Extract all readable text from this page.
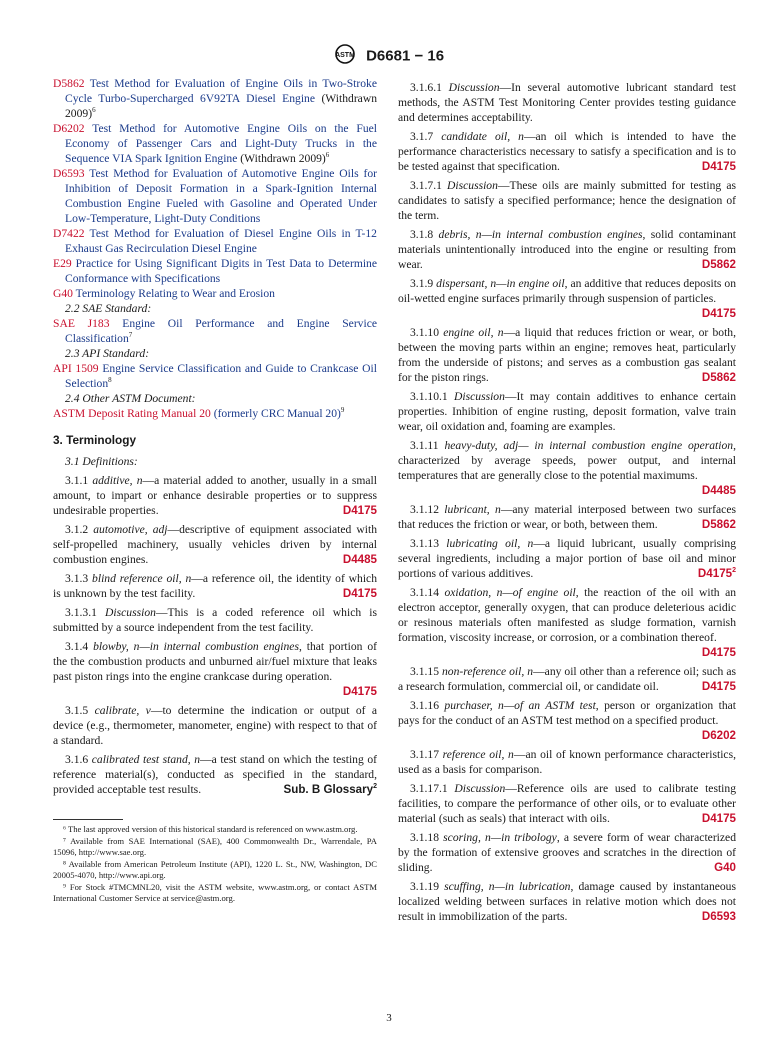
ASTM D6681 − 16

D5862 Test Method for Evaluation of Engine Oils in Two-Stroke Cycle Turbo-Supercharged 6V92TA Diesel Engine (Withdrawn 2009)$^6$

D6202 Test Method for Automotive Engine Oils on the Fuel Economy of Passenger Cars and Light-Duty Trucks in the Sequence VIA Spark Ignition Engine (Withdrawn 2009)$^6$

D6593 Test Method for Evaluation of Automotive Engine Oils for Inhibition of Deposit Formation in a Spark-Ignition Internal Combustion Engine Fueled with Gasoline and Operated Under Low-Temperature, Light-Duty Conditions

D7422 Test Method for Evaluation of Diesel Engine Oils in T-12 Exhaust Gas Recirculation Diesel Engine

E29 Practice for Using Significant Digits in Test Data to Determine Conformance with Specifications

G40 Terminology Relating to Wear and Erosion

2.2 SAE Standard:

SAE J183 Engine Oil Performance and Engine Service Classification$^7$

2.3 API Standard:

API 1509 Engine Service Classification and Guide to Crankcase Oil Selection$^8$

2.4 Other ASTM Document:

ASTM Deposit Rating Manual 20 (formerly CRC Manual 20)$^9$

3. Terminology

3.1 Definitions:

3.1.1 additive, n—a material added to another, usually in a small amount, to impart or enhance desirable properties or to suppress undesirable properties.	D4175

3.1.2 automotive, adj—descriptive of equipment associated with self-propelled machinery, usually vehicles driven by internal combustion engines.	D4485

3.1.3 blind reference oil, n—a reference oil, the identity of which is unknown by the test facility.	D4175

3.1.3.1 Discussion—This is a coded reference oil which is submitted by a source independent from the test facility.

3.1.4 blowby, n—in internal combustion engines, that portion of the the combustion products and unburned air/fuel mixture that leaks past piston rings into the engine crankcase during operation.
D4175

3.1.5 calibrate, v—to determine the indication or output of a device (e.g., thermometer, manometer, engine) with respect to that of a standard.

3.1.6 calibrated test stand, n—a test stand on which the testing of reference material(s), conducted as specified in the standard, provided acceptable test results.	Sub. B Glossary$^2$

⁶ The last approved version of this historical standard is referenced on www.astm.org.

⁷ Available from SAE International (SAE), 400 Commonwealth Dr., Warrendale, PA 15096, http://www.sae.org.

⁸ Available from American Petroleum Institute (API), 1220 L. St., NW, Washington, DC 20005-4070, http://www.api.org.

⁹ For Stock #TMCMNL20, visit the ASTM website, www.astm.org, or contact ASTM International Customer Service at service@astm.org.

3.1.6.1 Discussion—In several automotive lubricant standard test methods, the ASTM Test Monitoring Center provides testing guidance and determines acceptability.

3.1.7 candidate oil, n—an oil which is intended to have the performance characteristics necessary to satisfy a specification and is to be tested against that specification.	D4175

3.1.7.1 Discussion—These oils are mainly submitted for testing as candidates to satisfy a specified performance; hence the designation of the term.

3.1.8 debris, n—in internal combustion engines, solid contaminant materials unintentionally introduced into the engine or resulting from wear.	D5862

3.1.9 dispersant, n—in engine oil, an additive that reduces deposits on oil-wetted engine surfaces primarily through suspension of particles.
D4175

3.1.10 engine oil, n—a liquid that reduces friction or wear, or both, between the moving parts within an engine; removes heat, particularly from the underside of pistons; and serves as a combustion gas sealant for the piston rings.	D5862

3.1.10.1 Discussion—It may contain additives to enhance certain properties. Inhibition of engine rusting, deposit formation, valve train wear, oil oxidation and, foaming are examples.

3.1.11 heavy-duty, adj— in internal combustion engine operation, characterized by average speeds, power output, and internal temperatures that are generally close to the potential maximums.
D4485

3.1.12 lubricant, n—any material interposed between two surfaces that reduces the friction or wear, or both, between them.	D5862

3.1.13 lubricating oil, n—a liquid lubricant, usually comprising several ingredients, including a major portion of base oil and minor portions of various additives.	D4175$^2$

3.1.14 oxidation, n—of engine oil, the reaction of the oil with an electron acceptor, generally oxygen, that can produce deleterious acidic or resinous materials often manifested as sludge formation, varnish formation, viscosity increase, or corrosion, or a combination thereof.
D4175

3.1.15 non-reference oil, n—any oil other than a reference oil; such as a research formulation, commercial oil, or candidate oil.	D4175

3.1.16 purchaser, n—of an ASTM test, person or organization that pays for the conduct of an ASTM test method on a specified product.
D6202

3.1.17 reference oil, n—an oil of known performance characteristics, used as a basis for comparison.

3.1.17.1 Discussion—Reference oils are used to calibrate testing facilities, to compare the performance of other oils, or to evaluate other material (such as seals) that interact with oils.	D4175

3.1.18 scoring, n—in tribology, a severe form of wear characterized by the formation of extensive grooves and scratches in the direction of sliding.	G40

3.1.19 scuffing, n—in lubrication, damage caused by instantaneous localized welding between surfaces in relative motion which does not result in immobilization of the parts.	D6593

3
